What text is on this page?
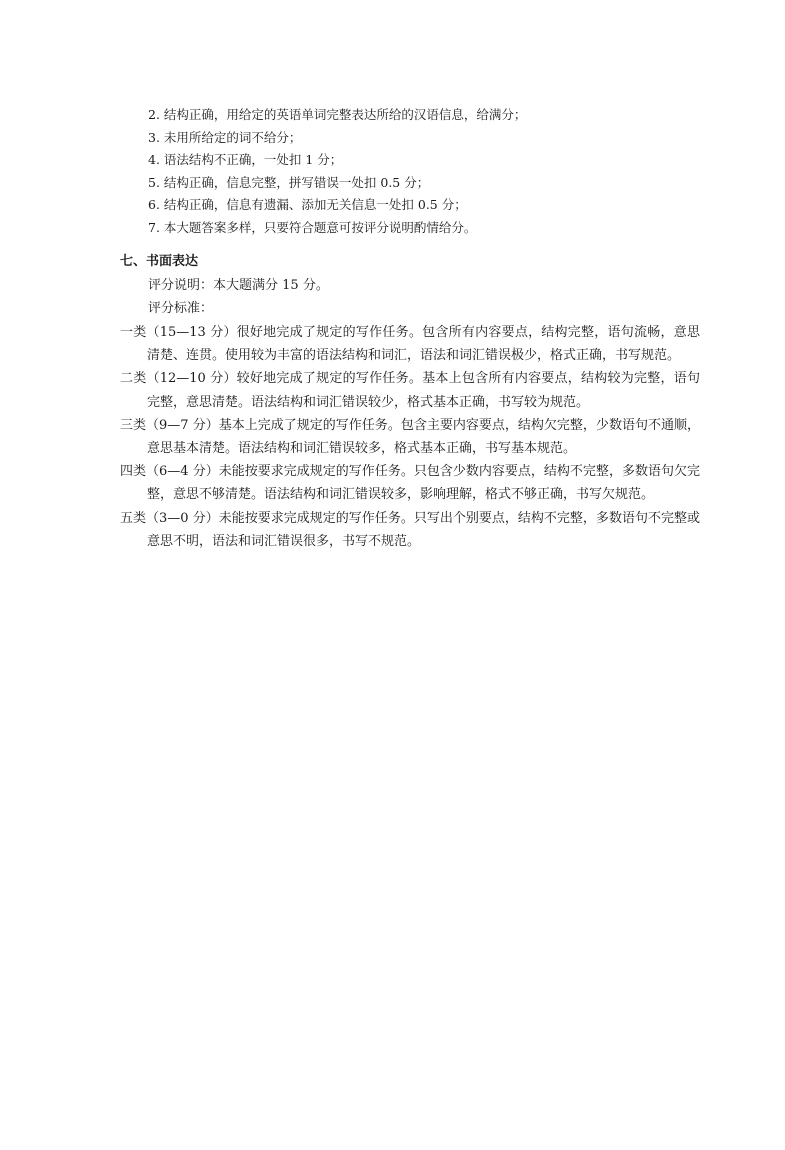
2. 结构正确，用给定的英语单词完整表达所给的汉语信息，给满分；
3. 未用所给定的词不给分；
4. 语法结构不正确，一处扣 1 分；
5. 结构正确，信息完整，拼写错误一处扣 0.5 分；
6. 结构正确，信息有遗漏、添加无关信息一处扣 0.5 分；
7. 本大题答案多样，只要符合题意可按评分说明酌情给分。
七、书面表达
评分说明：本大题满分 15 分。
评分标准：
一类（15—13 分）很好地完成了规定的写作任务。包含所有内容要点，结构完整，语句流畅，意思清楚、连贯。使用较为丰富的语法结构和词汇，语法和词汇错误极少，格式正确，书写规范。
二类（12—10 分）较好地完成了规定的写作任务。基本上包含所有内容要点，结构较为完整，语句完整，意思清楚。语法结构和词汇错误较少，格式基本正确，书写较为规范。
三类（9—7 分）基本上完成了规定的写作任务。包含主要内容要点，结构欠完整，少数语句不通顺，意思基本清楚。语法结构和词汇错误较多，格式基本正确，书写基本规范。
四类（6—4 分）未能按要求完成规定的写作任务。只包含少数内容要点，结构不完整，多数语句欠完整，意思不够清楚。语法结构和词汇错误较多，影响理解，格式不够正确，书写欠规范。
五类（3—0 分）未能按要求完成规定的写作任务。只写出个别要点，结构不完整，多数语句不完整或意思不明，语法和词汇错误很多，书写不规范。
